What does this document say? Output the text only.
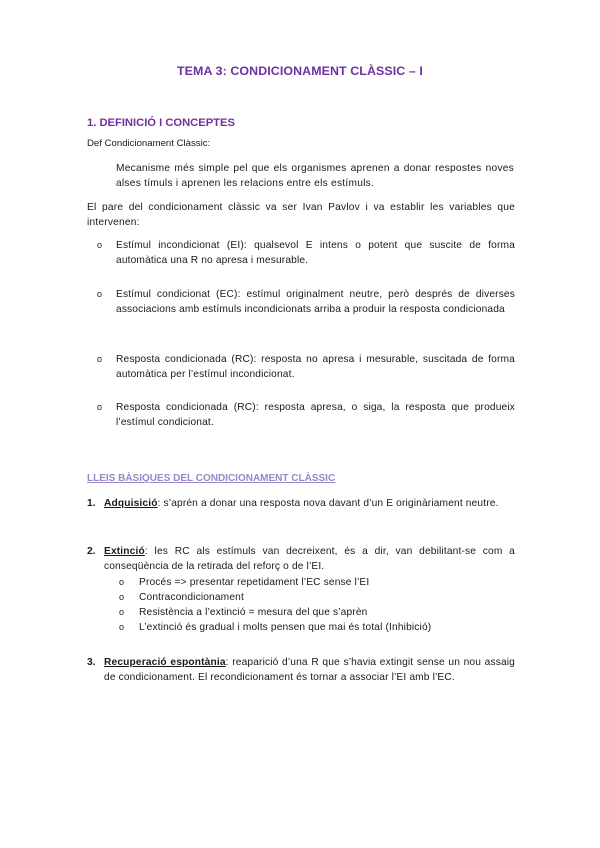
TEMA 3: CONDICIONAMENT CLÀSSIC – I
1. DEFINICIÓ I CONCEPTES
Def Condicionament Clàssic:
Mecanisme més simple pel que els organismes aprenen a donar respostes noves alses tímuls i aprenen les relacions entre els estímuls.
El pare del condicionament clàssic va ser Ivan Pavlov i va establir les variables que intervenen:
o	Estímul incondicionat (EI): qualsevol E intens o potent que suscite de forma automàtica una R no apresa i mesurable.
o	Estímul condicionat (EC): estímul originalment neutre, però després de diverses associacions amb estímuls incondicionats arriba a produir la resposta condicionada
o	Resposta condicionada (RC): resposta no apresa i mesurable, suscitada de forma automàtica per l’estímul incondicionat.
o	Resposta condicionada (RC): resposta apresa, o siga, la resposta que produeix l’estímul condicionat.
LLEIS BÀSIQUES DEL CONDICIONAMENT CLÀSSIC
1. Adquisició: s’aprén a donar una resposta nova davant d’un E originàriament neutre.
2. Extinció: les RC als estímuls van decreixent, és a dir, van debilitant-se com a conseqüència de la retirada del reforç o de l’EI.
o Procés => presentar repetidament l’EC sense l’EI
o Contracondicionament
o Resistència a l’extinció = mesura del que s’aprèn
o L’extinció és gradual i molts pensen que mai és total (Inhibició)
3. Recuperació espontània: reaparició d’una R que s’havia extingit sense un nou assaig de condicionament. El recondicionament és tornar a associar l’EI amb l’EC.
